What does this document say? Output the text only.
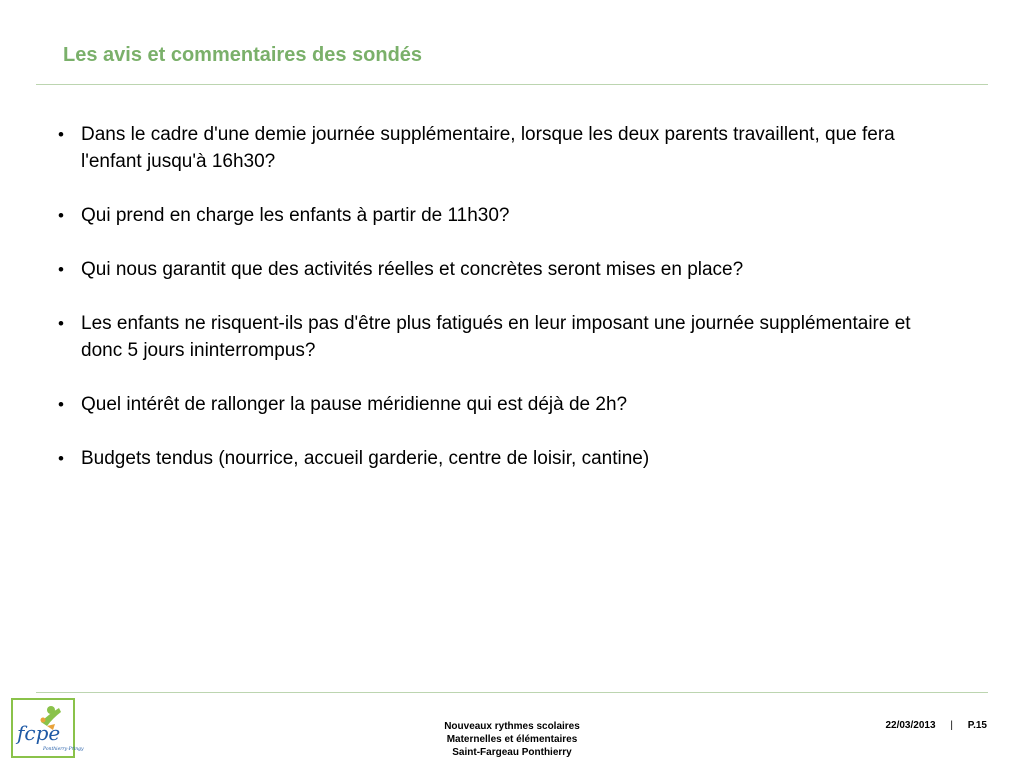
Les avis et commentaires des sondés
• Dans le cadre d'une demie journée supplémentaire, lorsque les deux parents travaillent, que fera l'enfant jusqu'à 16h30?
• Qui prend en charge les enfants à partir de 11h30?
• Qui nous garantit que des activités réelles et concrètes seront mises en place?
• Les enfants ne risquent-ils pas d'être plus fatigués en leur imposant une journée supplémentaire et donc 5 jours ininterrompus?
• Quel intérêt de rallonger la pause méridienne qui est déjà de 2h?
• Budgets tendus (nourrice, accueil garderie, centre de loisir, cantine)
fcpe
Ponthierry-Pringy
Nouveaux rythmes scolaires
Maternelles et élémentaires
Saint-Fargeau Ponthierry
22/03/2013 | P.15
